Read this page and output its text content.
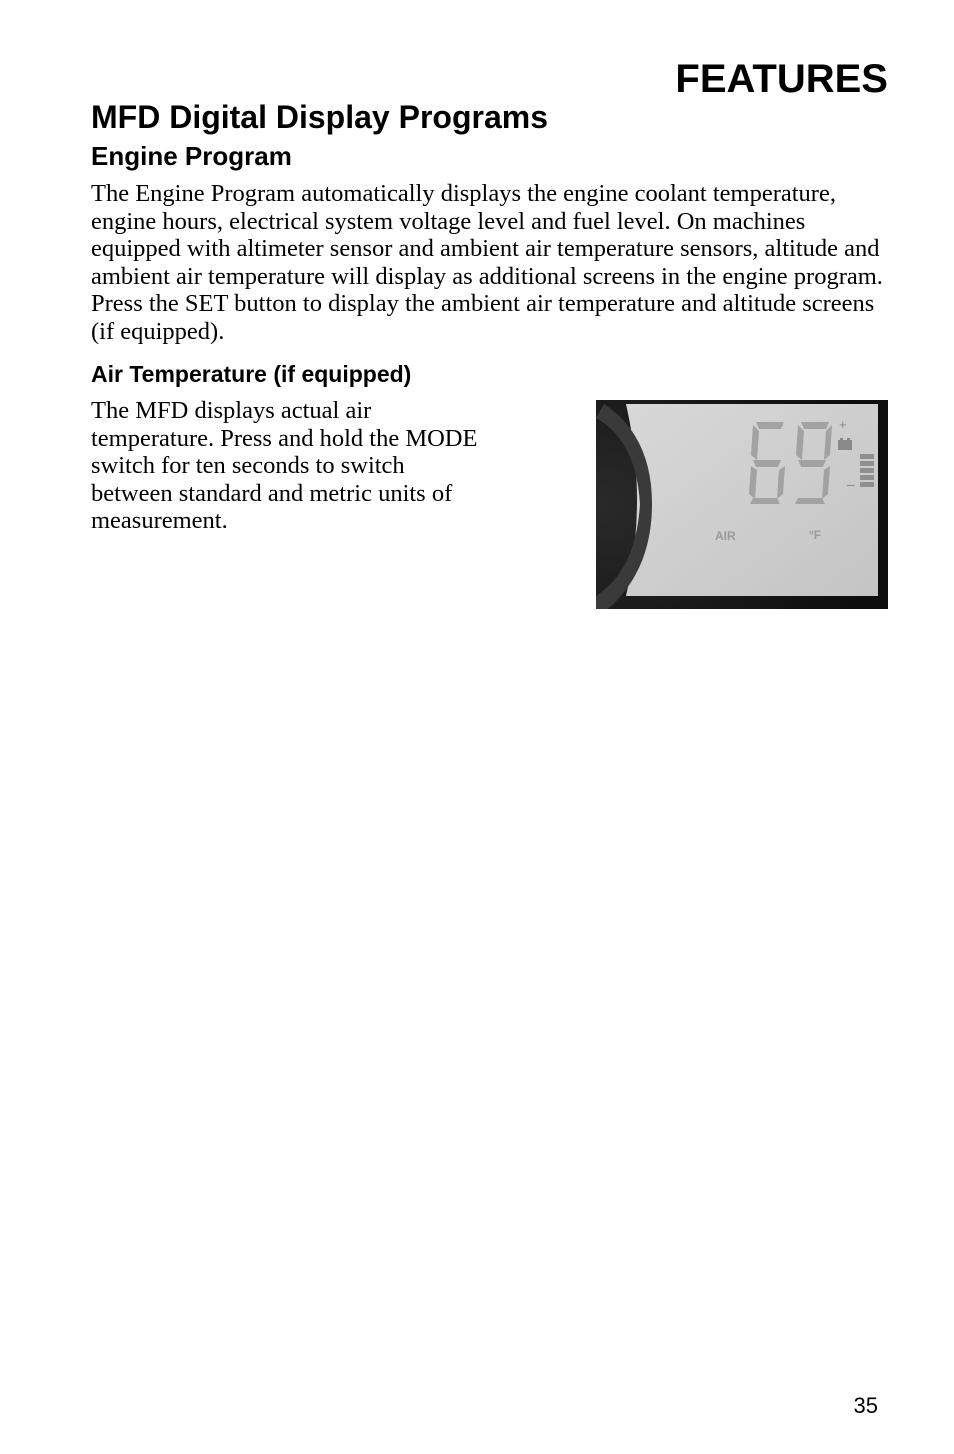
FEATURES
MFD Digital Display Programs
Engine Program

The Engine Program automatically displays the engine coolant temperature, engine hours, electrical system voltage level and fuel level. On machines equipped with altimeter sensor and ambient air temperature sensors, altitude and ambient air temperature will display as additional screens in the engine program. Press the SET button to display the ambient air temperature and altitude screens (if equipped).

Air Temperature (if equipped)

The MFD displays actual air temperature. Press and hold the MODE switch for ten seconds to switch between standard and metric units of measurement.

+
–
AIR	°F

35
